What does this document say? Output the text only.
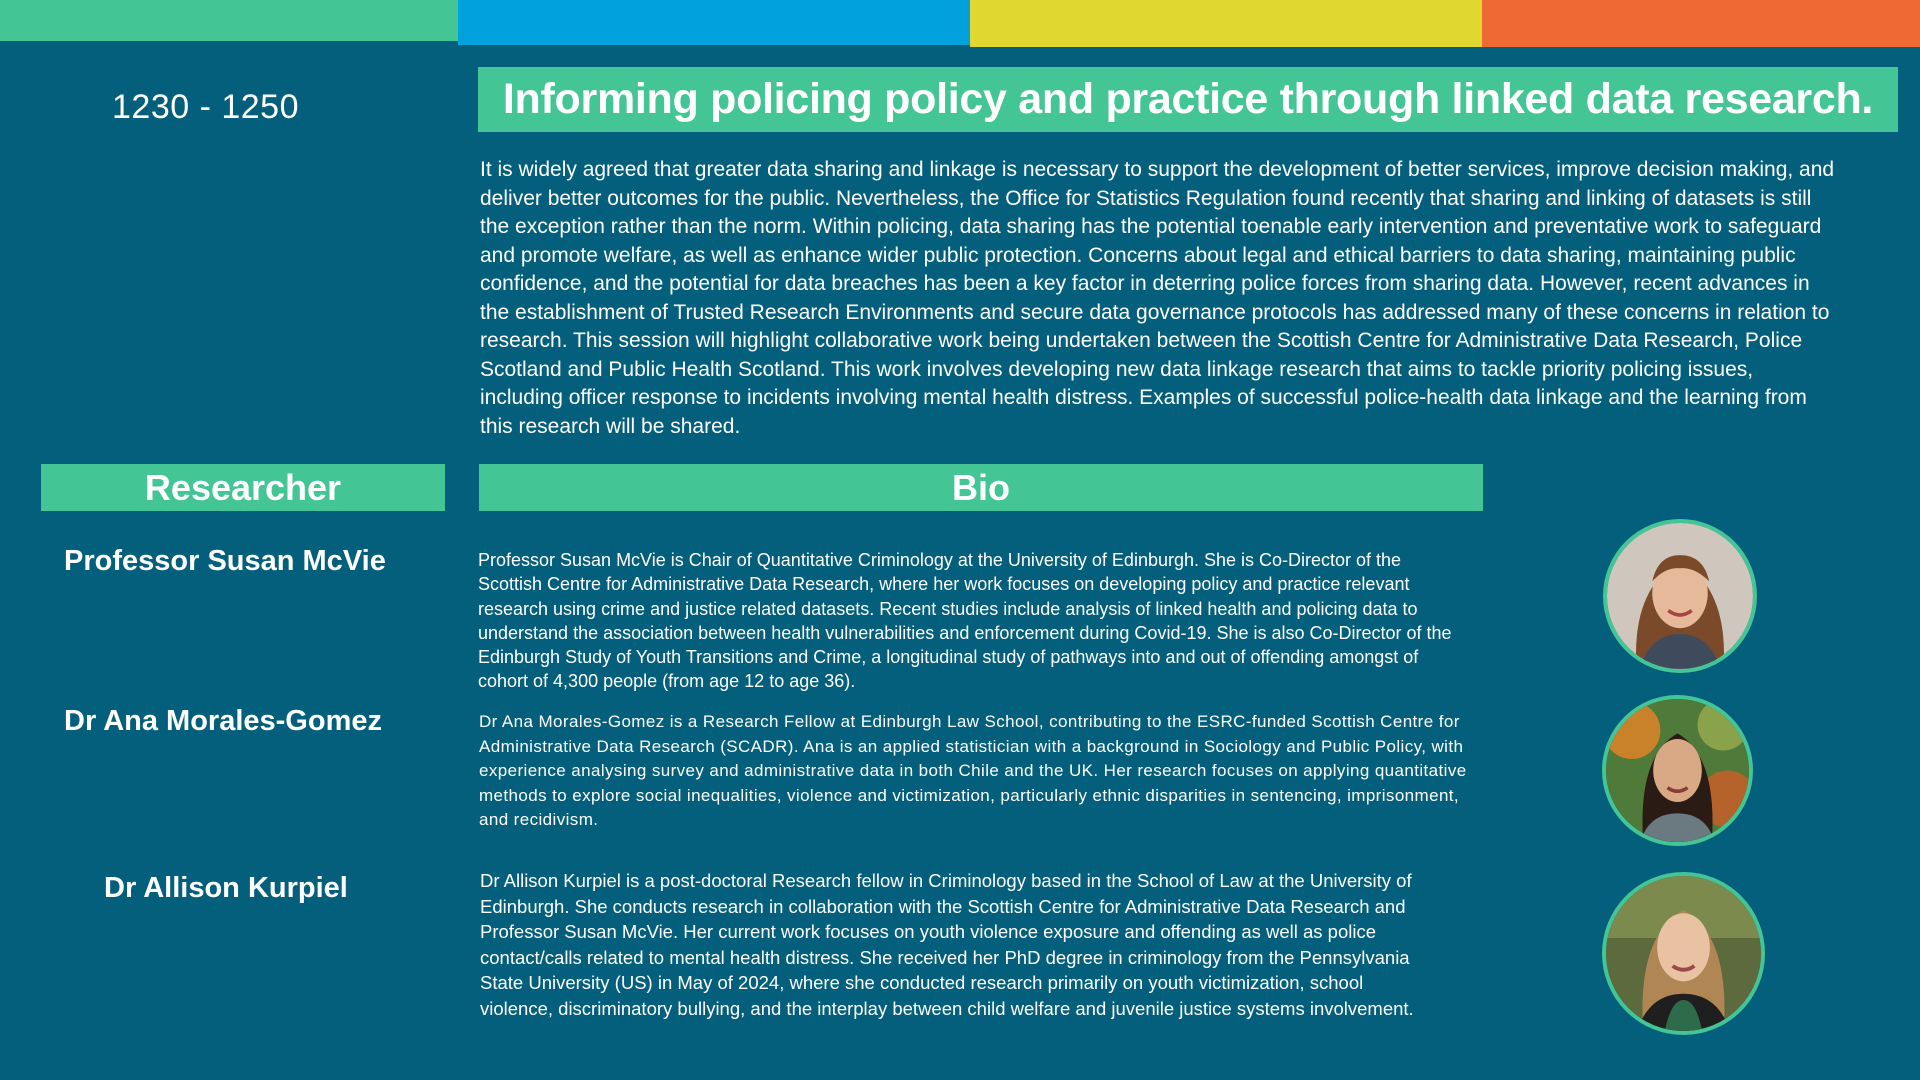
1230 - 1250	Informing policing policy and practice through linked data research.
It is widely agreed that greater data sharing and linkage is necessary to support the development of better services, improve decision making, and deliver better outcomes for the public. Nevertheless, the Office for Statistics Regulation found recently that sharing and linking of datasets is still the exception rather than the norm. Within policing, data sharing has the potential toenable early intervention and preventative work to safeguard and promote welfare, as well as enhance wider public protection. Concerns about legal and ethical barriers to data sharing, maintaining public confidence, and the potential for data breaches has been a key factor in deterring police forces from sharing data. However, recent advances in the establishment of Trusted Research Environments and secure data governance protocols has addressed many of these concerns in relation to research. This session will highlight collaborative work being undertaken between the Scottish Centre for Administrative Data Research, Police Scotland and Public Health Scotland. This work involves developing new data linkage research that aims to tackle priority policing issues, including officer response to incidents involving mental health distress. Examples of successful police-health data linkage and the learning from this research will be shared.
Researcher	Bio
Professor Susan McVie	Professor Susan McVie is Chair of Quantitative Criminology at the University of Edinburgh. She is Co-Director of the Scottish Centre for Administrative Data Research, where her work focuses on developing policy and practice relevant research using crime and justice related datasets. Recent studies include analysis of linked health and policing data to understand the association between health vulnerabilities and enforcement during Covid-19. She is also Co-Director of the Edinburgh Study of Youth Transitions and Crime, a longitudinal study of pathways into and out of offending amongst of cohort of 4,300 people (from age 12 to age 36).
Dr Ana Morales-Gomez	Dr Ana Morales-Gomez is a Research Fellow at Edinburgh Law School, contributing to the ESRC-funded Scottish Centre for Administrative Data Research (SCADR). Ana is an applied statistician with a background in Sociology and Public Policy, with experience analysing survey and administrative data in both Chile and the UK. Her research focuses on applying quantitative methods to explore social inequalities, violence and victimization, particularly ethnic disparities in sentencing, imprisonment, and recidivism.
Dr Allison Kurpiel	Dr Allison Kurpiel is a post-doctoral Research fellow in Criminology based in the School of Law at the University of Edinburgh. She conducts research in collaboration with the Scottish Centre for Administrative Data Research and Professor Susan McVie. Her current work focuses on youth violence exposure and offending as well as police contact/calls related to mental health distress. She received her PhD degree in criminology from the Pennsylvania State University (US) in May of 2024, where she conducted research primarily on youth victimization, school violence, discriminatory bullying, and the interplay between child welfare and juvenile justice systems involvement.
